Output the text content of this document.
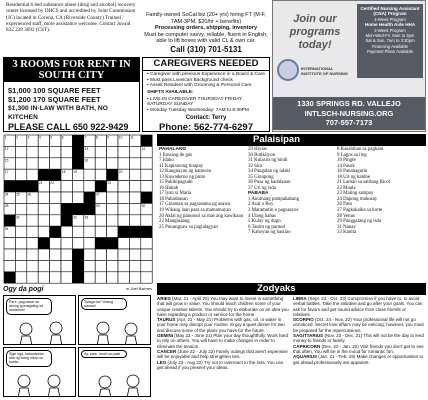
Residential 6 bed substance abuse (drug and alcohol) recovery center licensed by DHCS and accredited by Joint Commission (JC) located in Corona, CA (Riverside County) Trained / experienced staff, more assistance welcome. Contact Juvaid 832 228 3692 (CST).
3 ROOMS FOR RENT IN SOUTH CITY
$1,000 100 SQUARE FEET
$1,200 170 SQUARE FEET
$1,300 IN-LAW WITH BATH, NO KITCHEN
PLEASE CALL 650 922-9429
Family-owned SoCal biz (20+ yrs) hiring FT (M-F, 7AM-3PM, $20/hr + benefits)
Processing orders, shipping, inventory
Must be computer savvy, reliable, fluent in English, able to lift boxes with valid CL & own car.
Call (310) 701-5131
CAREGIVERS NEEDED
• Caregiver with previous Experience in a Board & Care
• Must pass Livescan Background check
• Assist Resident with Grooming & Personal Care
SHIFTS AVAILABLE:
• LIVE-IN CAREGIVER THURSDAY FRIDAY SATURDAY SUNDAY
• Monday Tuesday Wednesday: 7AM to 6:30PM
Contact: Terry
Phone: 562-774-6297
Join our programs today!
Certified Nursing Assistant (CNA) Program
4-Week Program
Home Health Aide HHA
2-Week Program
Mon-Wed-Fri, 9am to 3pm
Sat & Sun, 7am to 3:30pm
Financing Available
Payment Plans Available
INTERNATIONAL INSTITUTE OF NURSING
1330 SPRINGS RD. VALLEJO
INTLSCH-NURSING.ORG
707-557-7173
1	2	3	4	5	6	7	8	9	10 11
12	13	14
15	16
17	18 19	20
21 22	23
24 25 26	27
28	29	30
31	32 33
34
Palaisipan
PAHALANG
1 Ilawang de gas
7 Idaho
11 Kapirasong tinapay
12 Kaugnayan ng katawan
13 Kuwaderno ng pinto
15 Pakikipagsabi
16 Hukab
17 Iyan si Maria
18 Pabasbasan
17 Ginaman sa pagsasama ng asawa
19 Wikang laan para sa mamamayan
20 Aklat ng panunuri sa mas ang kawikaan
22 Manginaang
25 Punungsaw sa paglalagyan
29 Hiyaw
30 Butikilyon
31 Kulasisi ng hindi
32 Sira
34 Pangalan ng lalaki
35 Ginupong
36 Pusa ng kadalanan
37 Uri ng isda
PABABA
1 Anumang pampahabang
2 Asal o Boy
3 Maramutin o pagsaayos
4 Ulang habas
5 Kulay ng dugo
6 Tanim ng puntod
7 Kahoyan ng basilao
8 Kasabihan sa pagkain
9 Lagos sa ilog
10 Pingte
14 Pasok
16 Pananagutin
18 Uri ng kabibe
21 Laman sa salitang Bicol
22 Muala
23 Maiing sampay
24 Dapong mahusay
26 Paso
27 Pagkakaiba sa korte
28 Venus
29 Panggalang ng isda
31 Nanay
33 Kanita
Ogy da pogi	ni Joel Balmes
Pare, pag-aaral na akong gumagaling sa kantahan!
Talaga ba? Galing naman!
Sige nga, kakantahan kita ng isang sikat na kanta...
Ay, pare, hindi na pala!
Zodyaks
ARIES (Mar. 21 - April 20) You may want to invest in something that will grow in value. You should teach children some of your unique creative talents. You should try to elaborate on an idea you have regarding a product or service for the home.
TAURUS (Apr. 21 - May 21) Problems with gas, oil, or water in your home may disrupt your routine. Enjoy a quiet dinner for two and discuss some of the plans you have for the future.
GEMINI (May 22 - June 21) Plan your day thoughtfully. Work hard to rely on others. You will have to make changes in order to eliminate the tension.
CANCER (June 22 - July 22) Family outings that aren't expensive will be enjoyable and help strengthen ties.
LEO (July 23 - Aug 22) Try not to overreact to the loss. You can get ahead if you present your ideas.
LIBRA (Sept. 24 - Oct. 23) Compromise if you have to, to avoid verbal battles. Take the initiative and go after your goals. You can ask for favors and get sound advice from close friends or relatives.
SCORPIO (Oct. 24 - Nov. 22) Your professional life will not go unnoticed. Secret love affairs may be enticing; however, you must be prepared for the repercussions.
SAGITTARIUS (Nov. 23 - Dec. 21) This will not be the day to lend money to friends or family.
CAPRICORN (Dec. 22 - Jan. 20) Visit friends you don't get to see that often. You will be in the mood for romantic fun.
AQUARIUS (Jan. 21 - Feb. 19) Make changes or opportunities to get ahead professionally are apparent.
